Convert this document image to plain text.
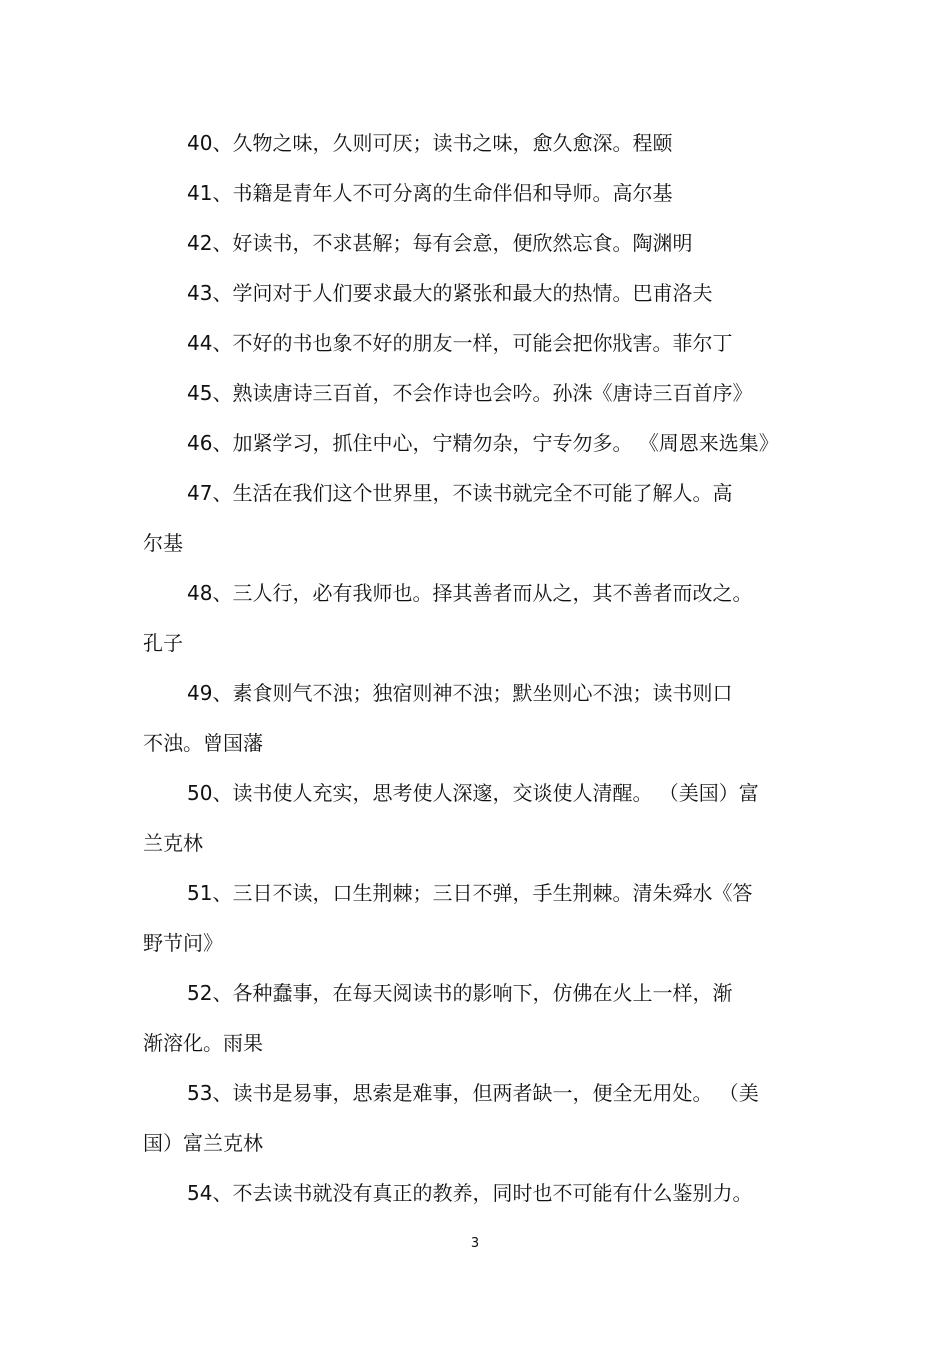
40、久物之味，久则可厌；读书之味，愈久愈深。程颐
41、书籍是青年人不可分离的生命伴侣和导师。高尔基
42、好读书，不求甚解；每有会意，便欣然忘食。陶渊明
43、学问对于人们要求最大的紧张和最大的热情。巴甫洛夫
44、不好的书也象不好的朋友一样，可能会把你戕害。菲尔丁
45、熟读唐诗三百首，不会作诗也会吟。孙洙《唐诗三百首序》
46、加紧学习，抓住中心，宁精勿杂，宁专勿多。 《周恩来选集》
47、生活在我们这个世界里，不读书就完全不可能了解人。高
尔基
48、三人行，必有我师也。择其善者而从之，其不善者而改之。
孔子
49、素食则气不浊；独宿则神不浊；默坐则心不浊；读书则口
不浊。曾国藩
50、读书使人充实，思考使人深邃，交谈使人清醒。 （美国）富
兰克林
51、三日不读，口生荆棘；三日不弹，手生荆棘。清朱舜水《答
野节问》
52、各种蠢事，在每天阅读书的影响下，仿佛在火上一样，渐
渐溶化。雨果
53、读书是易事，思索是难事，但两者缺一，便全无用处。 （美
国）富兰克林
54、不去读书就没有真正的教养，同时也不可能有什么鉴别力。
3
